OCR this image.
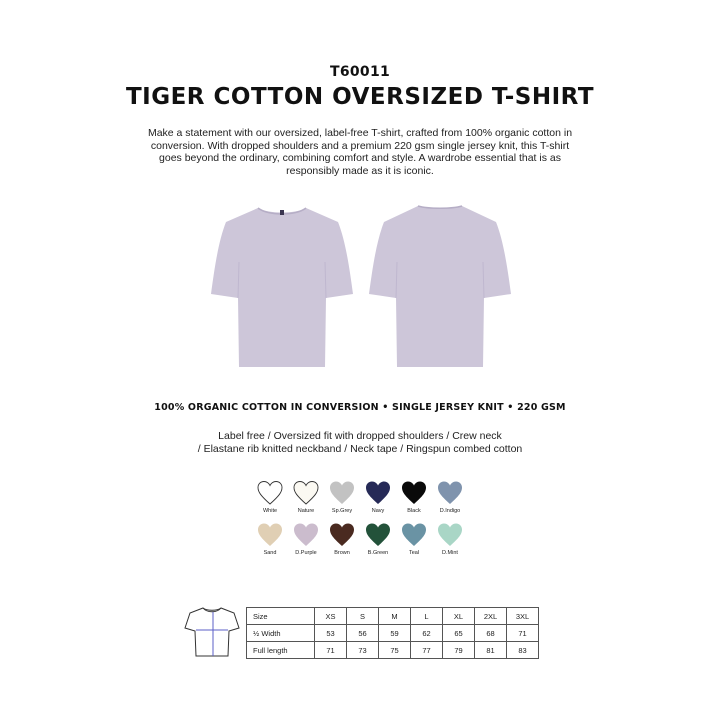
T60011
TIGER COTTON OVERSIZED T-SHIRT
Make a statement with our oversized, label-free T-shirt, crafted from 100% organic cotton in conversion. With dropped shoulders and a premium 220 gsm single jersey knit, this T-shirt goes beyond the ordinary, combining comfort and style. A wardrobe essential that is as responsibly made as it is iconic.
100% ORGANIC COTTON IN CONVERSION • SINGLE JERSEY KNIT • 220 GSM
Label free / Oversized fit with dropped shoulders / Crew neck
/ Elastane rib knitted neckband / Neck tape / Ringspun combed cotton
White	Nature	Sp.Grey	Navy	Black	D.Indigo
Sand	D.Purple	Brown	B.Green	Teal	D.Mint
Size	XS	S	M	L	XL	2XL	3XL
½ Width	53	56	59	62	65	68	71
Full length	71	73	75	77	79	81	83
